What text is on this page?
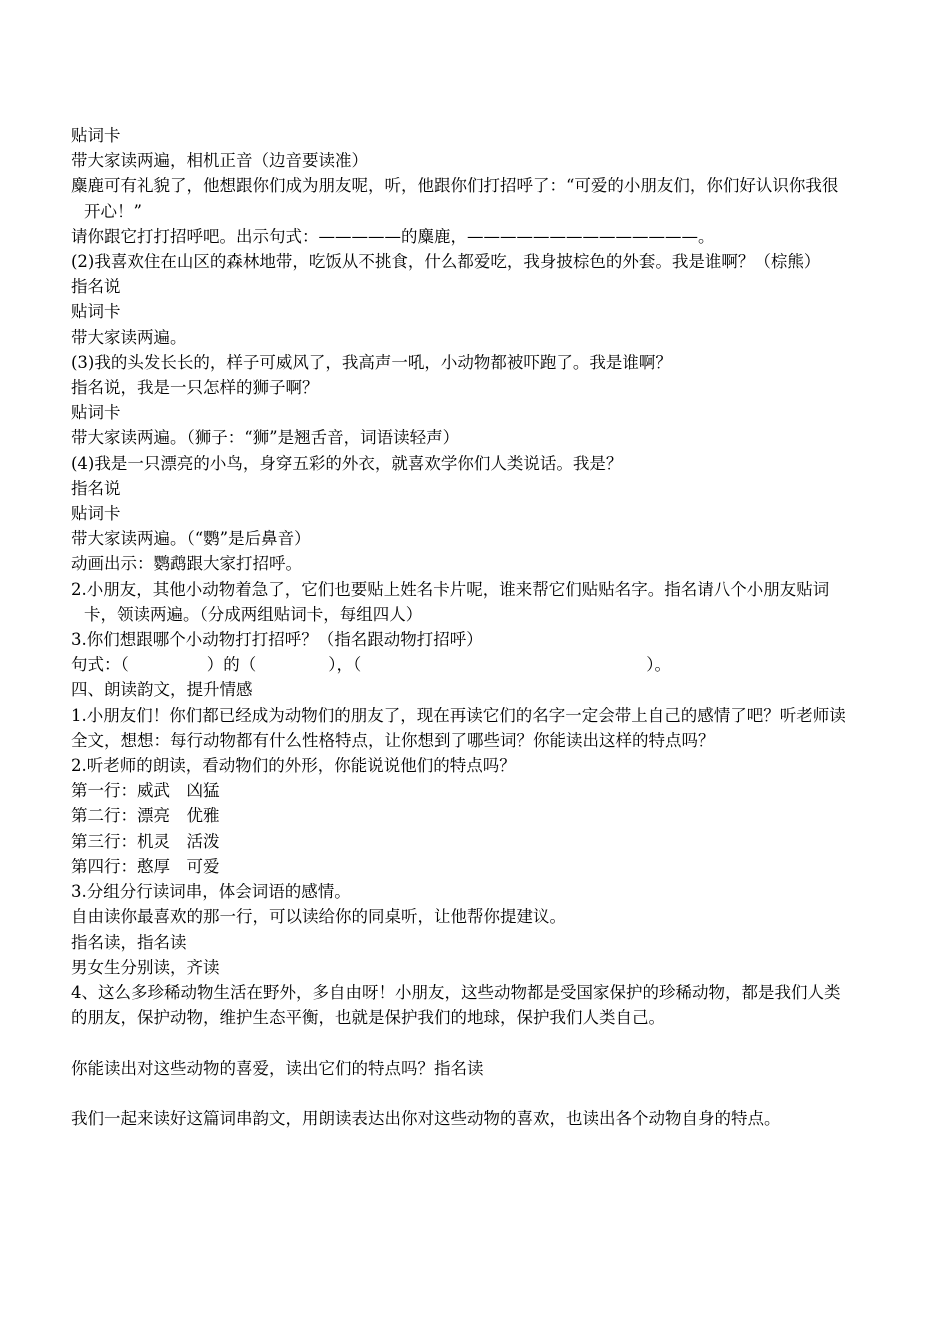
贴词卡
带大家读两遍，相机正音（边音要读准）
麋鹿可有礼貌了，他想跟你们成为朋友呢，听，他跟你们打招呼了：“可爱的小朋友们，你们好认识你我很开心！”
请你跟它打打招呼吧。出示句式：—————的麋鹿，——————————————。
(2)我喜欢住在山区的森林地带，吃饭从不挑食，什么都爱吃，我身披棕色的外套。我是谁啊？（棕熊）
指名说
贴词卡
带大家读两遍。
(3)我的头发长长的，样子可威风了，我高声一吼，小动物都被吓跑了。我是谁啊？
指名说，我是一只怎样的狮子啊？
贴词卡
带大家读两遍。（狮子：“狮”是翘舌音，词语读轻声）
(4)我是一只漂亮的小鸟，身穿五彩的外衣，就喜欢学你们人类说话。我是？
指名说
贴词卡
带大家读两遍。（“鹦”是后鼻音）
动画出示：鹦鹉跟大家打招呼。
2.小朋友，其他小动物着急了，它们也要贴上姓名卡片呢，谁来帮它们贴贴名字。指名请八个小朋友贴词卡，领读两遍。（分成两组贴词卡，每组四人）
3.你们想跟哪个小动物打打招呼？（指名跟动物打招呼）
句式：（	）的（	），（	）。
四、朗读韵文，提升情感
1.小朋友们！你们都已经成为动物们的朋友了，现在再读它们的名字一定会带上自己的感情了吧？听老师读全文，想想：每行动物都有什么性格特点，让你想到了哪些词？你能读出这样的特点吗？
2.听老师的朗读，看动物们的外形，你能说说他们的特点吗？
第一行：威武　凶猛
第二行：漂亮　优雅
第三行：机灵　活泼
第四行：憨厚　可爱
3.分组分行读词串，体会词语的感情。
自由读你最喜欢的那一行，可以读给你的同桌听，让他帮你提建议。
指名读，指名读
男女生分别读，齐读
4、这么多珍稀动物生活在野外，多自由呀！小朋友，这些动物都是受国家保护的珍稀动物，都是我们人类的朋友，保护动物，维护生态平衡，也就是保护我们的地球，保护我们人类自己。
你能读出对这些动物的喜爱，读出它们的特点吗？指名读
我们一起来读好这篇词串韵文，用朗读表达出你对这些动物的喜欢，也读出各个动物自身的特点。
